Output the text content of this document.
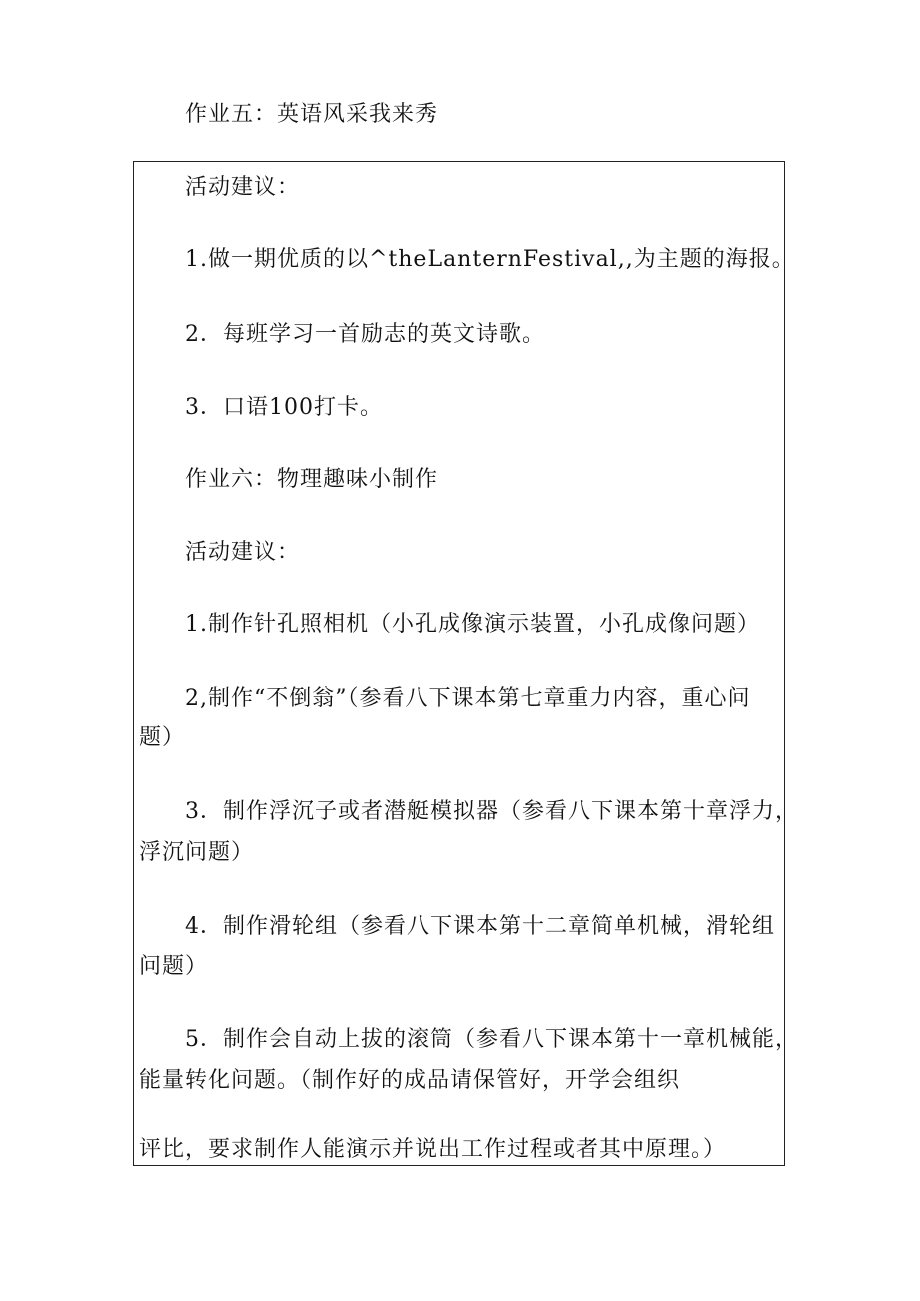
作业五：英语风采我来秀
活动建议：
1.做一期优质的以^theLanternFestival,,为主题的海报。
2．每班学习一首励志的英文诗歌。
3．口语100打卡。
作业六：物理趣味小制作
活动建议：
1.制作针孔照相机（小孔成像演示装置，小孔成像问题）
2,制作“不倒翁”（参看八下课本第七章重力内容，重心问
题）
3．制作浮沉子或者潜艇模拟器（参看八下课本第十章浮力，
浮沉问题）
4．制作滑轮组（参看八下课本第十二章简单机械，滑轮组
问题）
5．制作会自动上拔的滚筒（参看八下课本第十一章机械能，
能量转化问题。（制作好的成品请保管好，开学会组织
评比，要求制作人能演示并说出工作过程或者其中原理。）
